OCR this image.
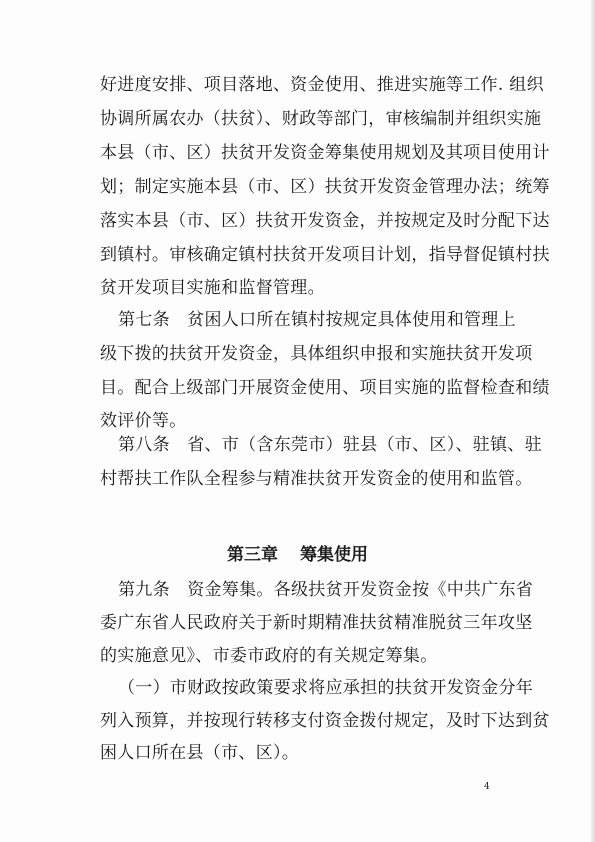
好进度安排、项目落地、资金使用、推进实施等工作. 组织
协调所属农办（扶贫）、财政等部门，审核编制并组织实施
本县（市、区）扶贫开发资金筹集使用规划及其项目使用计
划；制定实施本县（市、区）扶贫开发资金管理办法；统筹
落实本县（市、区）扶贫开发资金，并按规定及时分配下达
到镇村。审核确定镇村扶贫开发项目计划，指导督促镇村扶
贫开发项目实施和监督管理。
第七条　贫困人口所在镇村按规定具体使用和管理上
级下拨的扶贫开发资金，具体组织申报和实施扶贫开发项
目。配合上级部门开展资金使用、项目实施的监督检查和绩
效评价等。
第八条　省、市（含东莞市）驻县（市、区）、驻镇、驻
村帮扶工作队全程参与精准扶贫开发资金的使用和监管。
第三章 筹集使用
第九条　资金筹集。各级扶贫开发资金按《中共广东省
委广东省人民政府关于新时期精准扶贫精准脱贫三年攻坚
的实施意见》、市委市政府的有关规定筹集。
（一）市财政按政策要求将应承担的扶贫开发资金分年
列入预算，并按现行转移支付资金拨付规定，及时下达到贫
困人口所在县（市、区）。
4
